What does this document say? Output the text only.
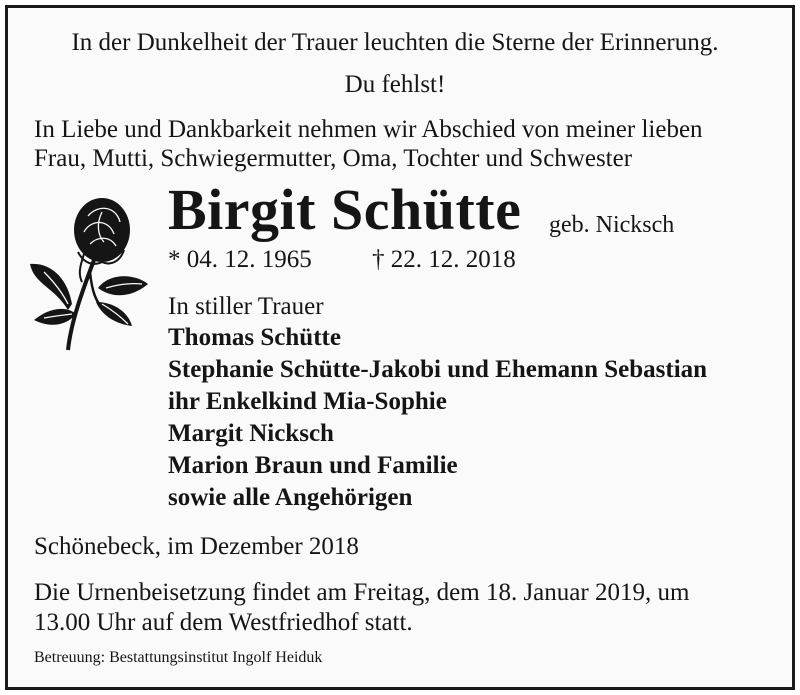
In der Dunkelheit der Trauer leuchten die Sterne der Erinnerung.
Du fehlst!
In Liebe und Dankbarkeit nehmen wir Abschied von meiner lieben
Frau, Mutti, Schwiegermutter, Oma, Tochter und Schwester
Birgit Schütte geb. Nicksch
* 04. 12. 1965 † 22. 12. 2018
In stiller Trauer
Thomas Schütte
Stephanie Schütte-Jakobi und Ehemann Sebastian
ihr Enkelkind Mia-Sophie
Margit Nicksch
Marion Braun und Familie
sowie alle Angehörigen
Schönebeck, im Dezember 2018
Die Urnenbeisetzung findet am Freitag, dem 18. Januar 2019, um
13.00 Uhr auf dem Westfriedhof statt.
Betreuung: Bestattungsinstitut Ingolf Heiduk
